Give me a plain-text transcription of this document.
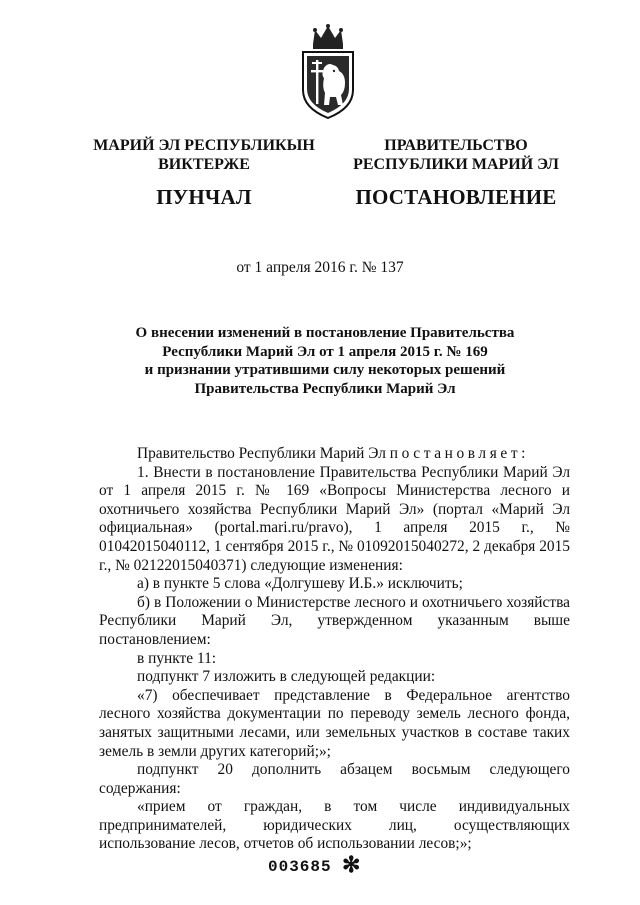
МАРИЙ ЭЛ РЕСПУБЛИКЫН
ВИКТЕРЖЕ
ПУНЧАЛ
ПРАВИТЕЛЬСТВО
РЕСПУБЛИКИ МАРИЙ ЭЛ
ПОСТАНОВЛЕНИЕ
от 1 апреля 2016 г. № 137
О внесении изменений в постановление Правительства
Республики Марий Эл от 1 апреля 2015 г. № 169
и признании утратившими силу некоторых решений
Правительства Республики Марий Эл

Правительство Республики Марий Эл постановляет:

1. Внести в постановление Правительства Республики Марий Эл от 1 апреля 2015 г. № 169 «Вопросы Министерства лесного и охотничьего хозяйства Республики Марий Эл» (портал «Марий Эл официальная» (portal.mari.ru/pravo), 1 апреля 2015 г., № 01042015040112, 1 сентября 2015 г., № 01092015040272, 2 декабря 2015 г., № 02122015040371) следующие изменения:

а) в пункте 5 слова «Долгушеву И.Б.» исключить;

б) в Положении о Министерстве лесного и охотничьего хозяйства Республики Марий Эл, утвержденном указанным выше постановлением:

в пункте 11:

подпункт 7 изложить в следующей редакции:

«7) обеспечивает представление в Федеральное агентство лесного хозяйства документации по переводу земель лесного фонда, занятых защитными лесами, или земельных участков в составе таких земель в земли других категорий;»;

подпункт 20 дополнить абзацем восьмым следующего содержания:

«прием от граждан, в том числе индивидуальных предпринимателей, юридических лиц, осуществляющих использование лесов, отчетов об использовании лесов;»;

003685 ✻
